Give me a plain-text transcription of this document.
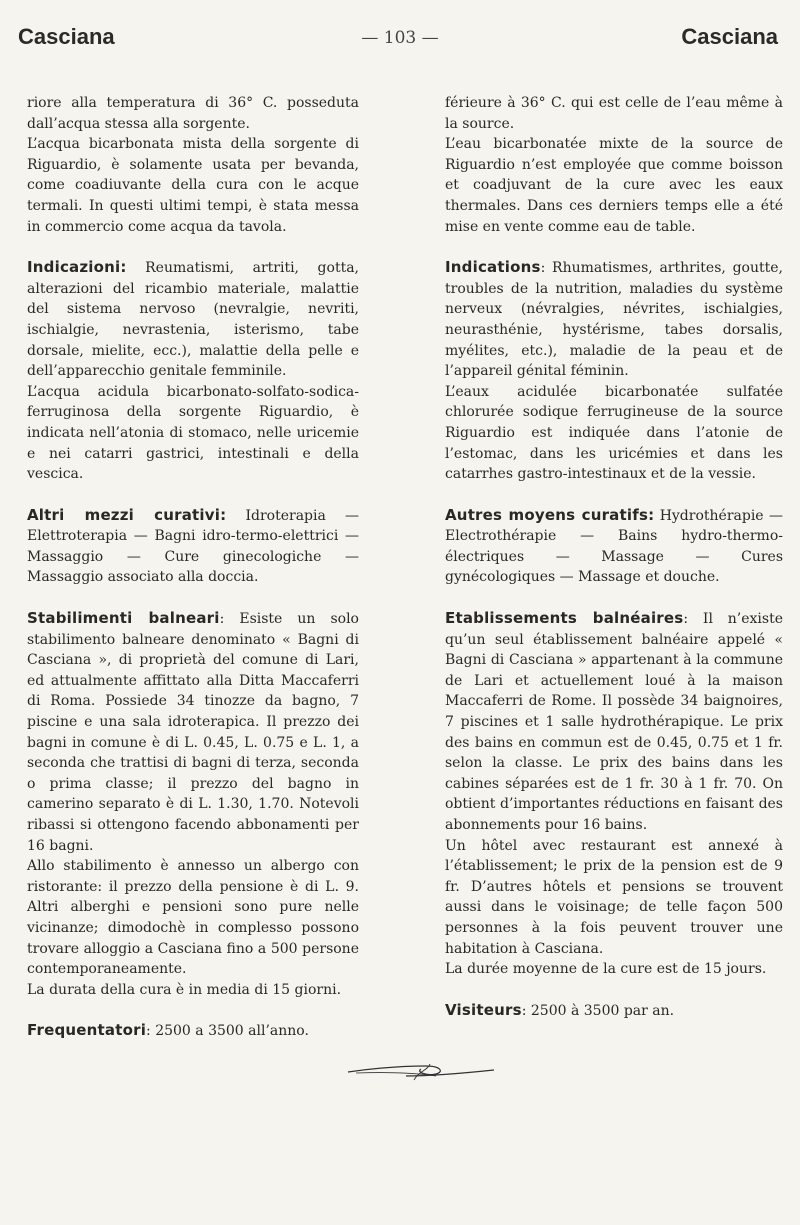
Casciana	— 103 —	Casciana

riore alla temperatura di 36° C. posseduta dall’acqua stessa alla sorgente.

L’acqua bicarbonata mista della sorgente di Riguardio, è solamente usata per bevanda, come coadiuvante della cura con le acque termali. In questi ultimi tempi, è stata messa in commercio come acqua da tavola.

Indicazioni: Reumatismi, artriti, gotta, alterazioni del ricambio materiale, malattie del sistema nervoso (nevralgie, nevriti, ischialgie, nevrastenia, isterismo, tabe dorsale, mielite, ecc.), malattie della pelle e dell’apparecchio genitale femminile.

L’acqua acidula bicarbonato-solfato-sodica-ferruginosa della sorgente Riguardio, è indicata nell’atonia di stomaco, nelle uricemie e nei catarri gastrici, intestinali e della vescica.

Altri mezzi curativi: Idroterapia — Elettroterapia — Bagni idro-termo-elettrici — Massaggio — Cure ginecologiche — Massaggio associato alla doccia.

Stabilimenti balneari: Esiste un solo stabilimento balneare denominato « Bagni di Casciana », di proprietà del comune di Lari, ed attualmente affittato alla Ditta Maccaferri di Roma. Possiede 34 tinozze da bagno, 7 piscine e una sala idroterapica. Il prezzo dei bagni in comune è di L. 0.45, L. 0.75 e L. 1, a seconda che trattisi di bagni di terza, seconda o prima classe; il prezzo del bagno in camerino separato è di L. 1.30, 1.70. Notevoli ribassi si ottengono facendo abbonamenti per 16 bagni.

Allo stabilimento è annesso un albergo con ristorante: il prezzo della pensione è di L. 9. Altri alberghi e pensioni sono pure nelle vicinanze; dimodochè in complesso possono trovare alloggio a Casciana fino a 500 persone contemporaneamente.

La durata della cura è in media di 15 giorni.

Frequentatori: 2500 a 3500 all’anno.

férieure à 36° C. qui est celle de l’eau même à la source.

L’eau bicarbonatée mixte de la source de Riguardio n’est employée que comme boisson et coadjuvant de la cure avec les eaux thermales. Dans ces derniers temps elle a été mise en vente comme eau de table.

Indications: Rhumatismes, arthrites, goutte, troubles de la nutrition, maladies du système nerveux (névralgies, névrites, ischialgies, neurasthénie, hystérisme, tabes dorsalis, myélites, etc.), maladie de la peau et de l’appareil génital féminin.

L’eaux acidulée bicarbonatée sulfatée chlorurée sodique ferrugineuse de la source Riguardio est indiquée dans l’atonie de l’estomac, dans les uricémies et dans les catarrhes gastro-intestinaux et de la vessie.

Autres moyens curatifs: Hydrothérapie — Electrothérapie — Bains hydro-thermo-électriques — Massage — Cures gynécologiques — Massage et douche.

Etablissements balnéaires: Il n’existe qu’un seul établissement balnéaire appelé « Bagni di Casciana » appartenant à la commune de Lari et actuellement loué à la maison Maccaferri de Rome. Il possède 34 baignoires, 7 piscines et 1 salle hydrothérapique. Le prix des bains en commun est de 0.45, 0.75 et 1 fr. selon la classe. Le prix des bains dans les cabines séparées est de 1 fr. 30 à 1 fr. 70. On obtient d’importantes réductions en faisant des abonnements pour 16 bains.

Un hôtel avec restaurant est annexé à l’établissement; le prix de la pension est de 9 fr. D’autres hôtels et pensions se trouvent aussi dans le voisinage; de telle façon 500 personnes à la fois peuvent trouver une habitation à Casciana.

La durée moyenne de la cure est de 15 jours.

Visiteurs: 2500 à 3500 par an.
